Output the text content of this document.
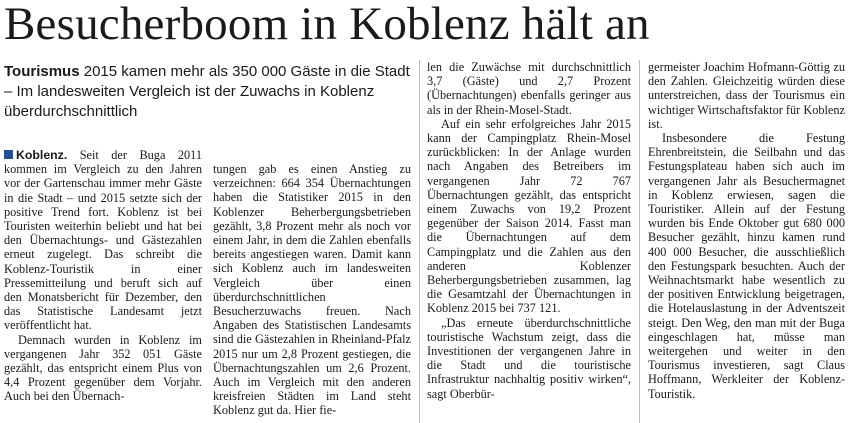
Besucherboom in Koblenz hält an
Tourismus 2015 kamen mehr als 350 000 Gäste in die Stadt – Im landesweiten Vergleich ist der Zuwachs in Koblenz überdurchschnittlich

Koblenz. Seit der Buga 2011 kommen im Vergleich zu den Jahren vor der Gartenschau immer mehr Gäste in die Stadt – und 2015 setzte sich der positive Trend fort. Koblenz ist bei Touristen weiterhin beliebt und hat bei den Übernachtungs- und Gästezahlen erneut zugelegt. Das schreibt die Koblenz-Touristik in einer Pressemitteilung und beruft sich auf den Monatsbericht für Dezember, den das Statistische Landesamt jetzt veröffentlicht hat.

Demnach wurden in Koblenz im vergangenen Jahr 352 051 Gäste gezählt, das entspricht einem Plus von 4,4 Prozent gegenüber dem Vorjahr. Auch bei den Übernach-

tungen gab es einen Anstieg zu verzeichnen: 664 354 Übernachtungen haben die Statistiker 2015 in den Koblenzer Beherbergungsbetrieben gezählt, 3,8 Prozent mehr als noch vor einem Jahr, in dem die Zahlen ebenfalls bereits angestiegen waren. Damit kann sich Koblenz auch im landesweiten Vergleich über einen überdurchschnittlichen Besucherzuwachs freuen. Nach Angaben des Statistischen Landesamts sind die Gästezahlen in Rheinland-Pfalz 2015 nur um 2,8 Prozent gestiegen, die Übernachtungszahlen um 2,6 Prozent. Auch im Vergleich mit den anderen kreisfreien Städten im Land steht Koblenz gut da. Hier fie-

len die Zuwächse mit durchschnittlich 3,7 (Gäste) und 2,7 Prozent (Übernachtungen) ebenfalls geringer aus als in der Rhein-Mosel-Stadt.

Auf ein sehr erfolgreiches Jahr 2015 kann der Campingplatz Rhein-Mosel zurückblicken: In der Anlage wurden nach Angaben des Betreibers im vergangenen Jahr 72 767 Übernachtungen gezählt, das entspricht einem Zuwachs von 19,2 Prozent gegenüber der Saison 2014. Fasst man die Übernachtungen auf dem Campingplatz und die Zahlen aus den anderen Koblenzer Beherbergungsbetrieben zusammen, lag die Gesamtzahl der Übernachtungen in Koblenz 2015 bei 737 121.

„Das erneute überdurchschnittliche touristische Wachstum zeigt, dass die Investitionen der vergangenen Jahre in die Stadt und die touristische Infrastruktur nachhaltig positiv wirken“, sagt Oberbür-

germeister Joachim Hofmann-Göttig zu den Zahlen. Gleichzeitig würden diese unterstreichen, dass der Tourismus ein wichtiger Wirtschaftsfaktor für Koblenz ist.

Insbesondere die Festung Ehrenbreitstein, die Seilbahn und das Festungsplateau haben sich auch im vergangenen Jahr als Besuchermagnet in Koblenz erwiesen, sagen die Touristiker. Allein auf der Festung wurden bis Ende Oktober gut 680 000 Besucher gezählt, hinzu kamen rund 400 000 Besucher, die ausschließlich den Festungspark besuchten. Auch der Weihnachtsmarkt habe wesentlich zu der positiven Entwicklung beigetragen, die Hotelauslastung in der Adventszeit steigt. Den Weg, den man mit der Buga eingeschlagen hat, müsse man weitergehen und weiter in den Tourismus investieren, sagt Claus Hoffmann, Werkleiter der Koblenz-Touristik.
